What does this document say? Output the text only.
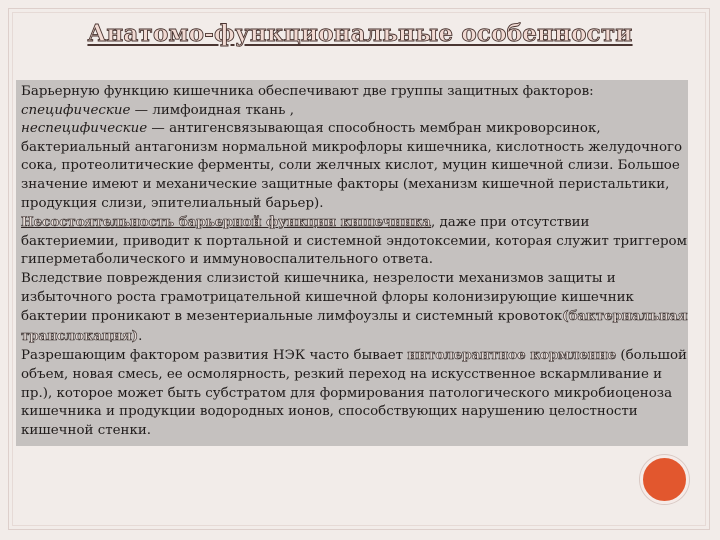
Анатомо-функциональные особенности

Барьерную функцию кишечника обеспечивают две группы защитных факторов:

специфические — лимфоидная ткань ,

неспецифические — антигенсвязывающая способность мембран микроворсинок, бактериальный антагонизм нормальной микрофлоры кишечника, кислотность желудочного сока, протеолитические ферменты, соли желчных кислот, муцин кишечной слизи. Большое значение имеют и механические защитные факторы (механизм кишечной перистальтики, продукция слизи, эпителиальный барьер).

Несостоятельность барьерной функции кишечника, даже при отсутствии бактериемии, приводит к портальной и системной эндотоксемии, которая служит триггером гиперметаболического и иммуновоспалительного ответа.

Вследствие повреждения слизистой кишечника, незрелости механизмов защиты и избыточного роста грамотрицательной кишечной флоры колонизирующие кишечник бактерии проникают в мезентериальные лимфоузлы и системный кровоток(бактериальная транслокация).

Разрешающим фактором развития НЭК часто бывает интолерантное кормление (большой объем, новая смесь, ее осмолярность, резкий переход на искусственное вскармливание и пр.), которое может быть субстратом для формирования патологического микробиоценоза кишечника и продукции водородных ионов, способствующих нарушению целостности кишечной стенки.
